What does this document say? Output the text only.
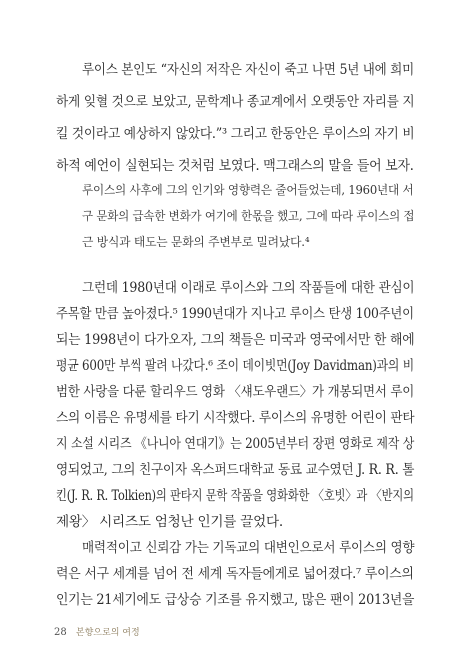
루이스 본인도 “자신의 저작은 자신이 죽고 나면 5년 내에 희미
하게 잊혈 것으로 보았고, 문학계나 종교계에서 오랫동안 자리를 지
킬 것이라고 예상하지 않았다.”³ 그리고 한동안은 루이스의 자기 비
하적 예언이 실현되는 것처럼 보였다. 맥그래스의 말을 들어 보자.
루이스의 사후에 그의 인기와 영향력은 줄어들었는데, 1960년대 서
구 문화의 급속한 변화가 여기에 한몫을 했고, 그에 따라 루이스의 접
근 방식과 태도는 문화의 주변부로 밀려났다.⁴
그런데 1980년대 이래로 루이스와 그의 작품들에 대한 관심이
주목할 만큼 높아졌다.⁵ 1990년대가 지나고 루이스 탄생 100주년이
되는 1998년이 다가오자, 그의 책들은 미국과 영국에서만 한 해에
평균 600만 부씩 팔려 나갔다.⁶ 조이 데이빗먼(Joy Davidman)과의 비
범한 사랑을 다룬 할리우드 영화 〈섀도우랜드〉가 개봉되면서 루이
스의 이름은 유명세를 타기 시작했다. 루이스의 유명한 어린이 판타
지 소설 시리즈 《나니아 연대기》는 2005년부터 장편 영화로 제작 상
영되었고, 그의 친구이자 옥스퍼드대학교 동료 교수였던 J. R. R. 톨
킨(J. R. R. Tolkien)의 판타지 문학 작품을 영화화한 〈호빗〉과 〈반지의
제왕〉 시리즈도 엄청난 인기를 끌었다.
매력적이고 신뢰감 가는 기독교의 대변인으로서 루이스의 영향
력은 서구 세계를 넘어 전 세계 독자들에게로 넓어졌다.⁷ 루이스의
인기는 21세기에도 급상승 기조를 유지했고, 많은 팬이 2013년을
28 본향으로의 여정
